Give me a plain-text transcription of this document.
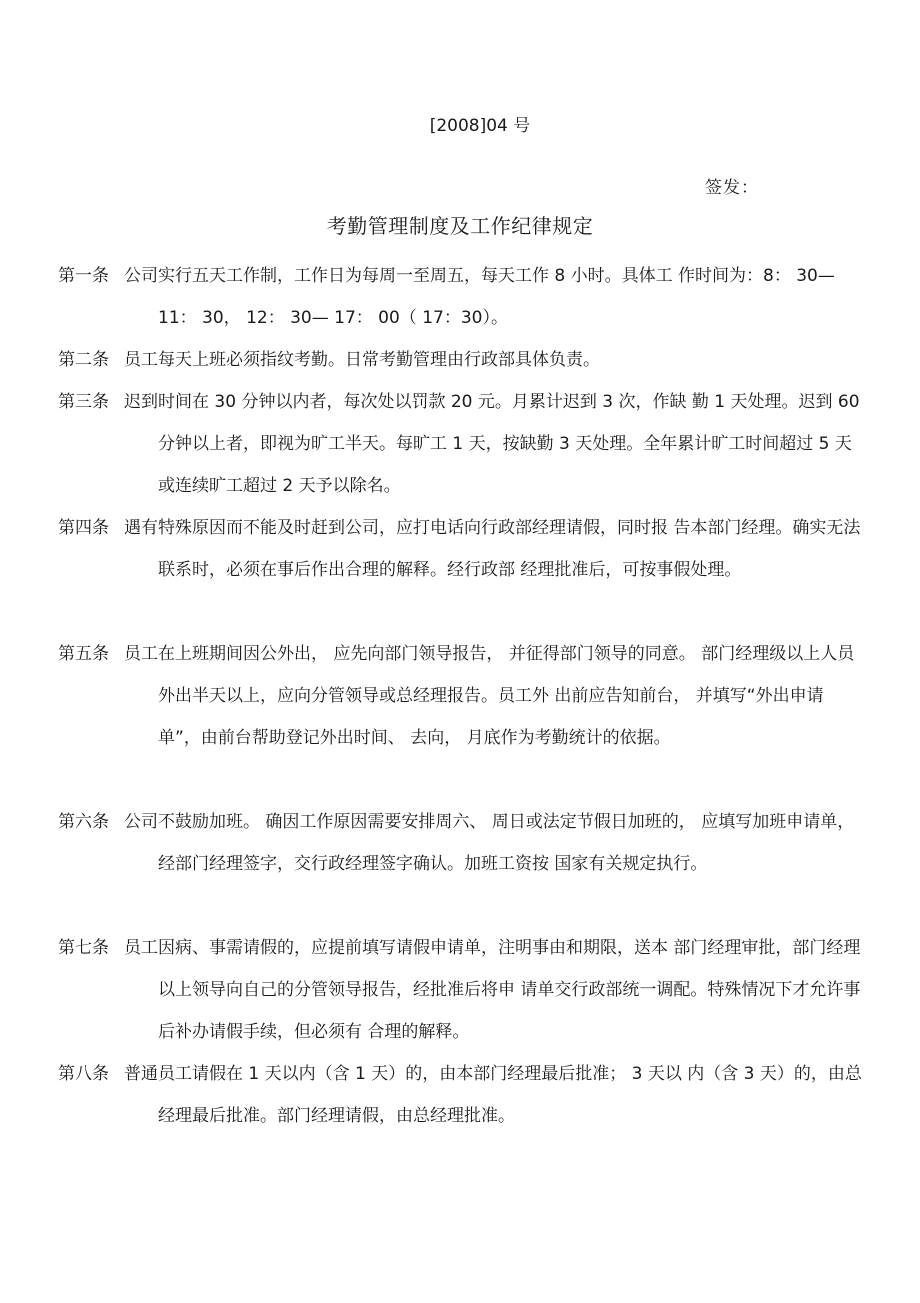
[2008]04 号
签发：
考勤管理制度及工作纪律规定

第一条 公司实行五天工作制，工作日为每周一至周五，每天工作 8 小时。具体工 作时间为：8： 30— 11： 30， 12： 30— 17： 00（ 17：30）。

第二条 员工每天上班必须指纹考勤。日常考勤管理由行政部具体负责。

第三条 迟到时间在 30 分钟以内者，每次处以罚款 20 元。月累计迟到 3 次，作缺 勤 1 天处理。迟到 60 分钟以上者，即视为旷工半天。每旷工 1 天，按缺勤 3 天处理。全年累计旷工时间超过 5 天或连续旷工超过 2 天予以除名。

第四条 遇有特殊原因而不能及时赶到公司，应打电话向行政部经理请假，同时报 告本部门经理。确实无法联系时，必须在事后作出合理的解释。经行政部 经理批准后，可按事假处理。

第五条 员工在上班期间因公外出， 应先向部门领导报告， 并征得部门领导的同意。 部门经理级以上人员外出半天以上，应向分管领导或总经理报告。员工外 出前应告知前台， 并填写“外出申请单”，由前台帮助登记外出时间、 去向， 月底作为考勤统计的依据。

第六条 公司不鼓励加班。 确因工作原因需要安排周六、 周日或法定节假日加班的， 应填写加班申请单，经部门经理签字，交行政经理签字确认。加班工资按 国家有关规定执行。

第七条 员工因病、事需请假的，应提前填写请假申请单，注明事由和期限，送本 部门经理审批，部门经理以上领导向自己的分管领导报告，经批准后将申 请单交行政部统一调配。特殊情况下才允许事后补办请假手续，但必须有 合理的解释。

第八条 普通员工请假在 1 天以内（含 1 天）的，由本部门经理最后批准； 3 天以 内（含 3 天）的，由总经理最后批准。部门经理请假，由总经理批准。
